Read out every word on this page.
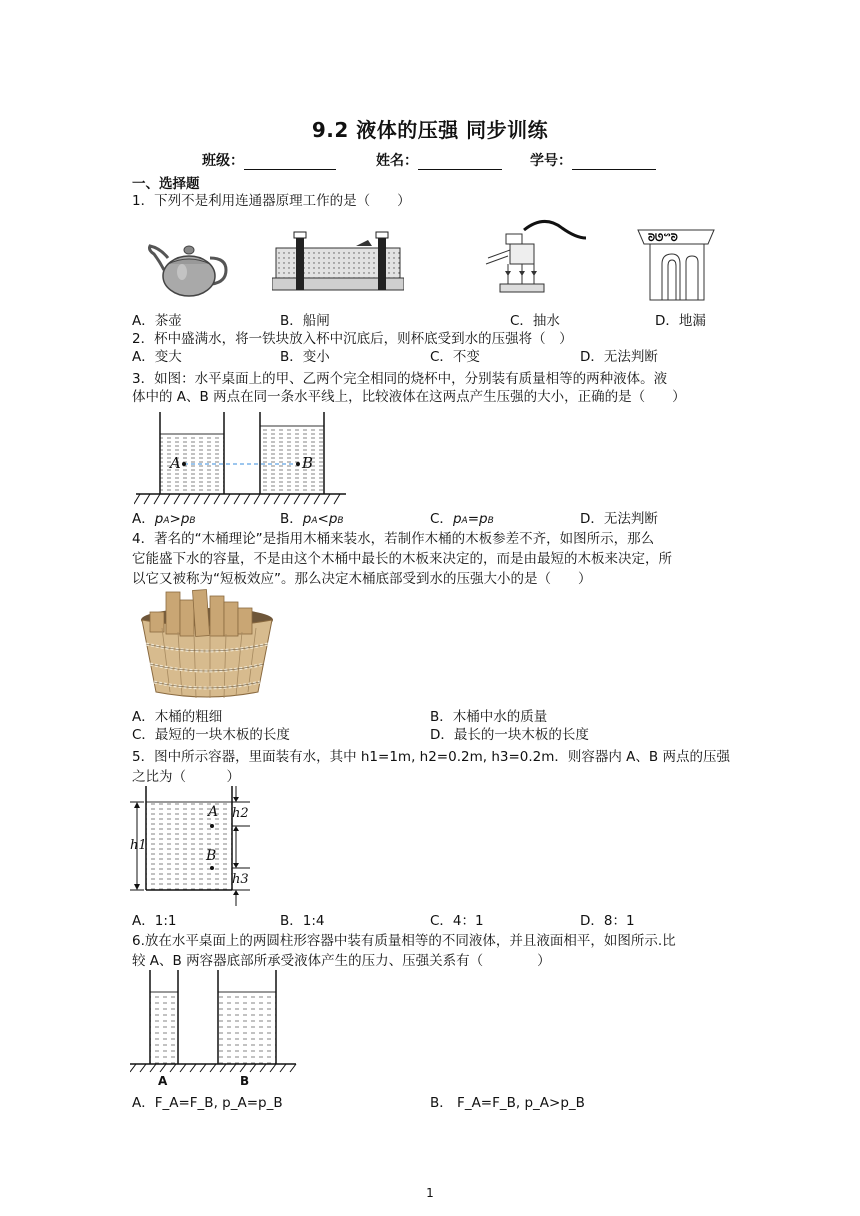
9.2 液体的压强 同步训练
班级：	姓名：	学号：
一、选择题
1．下列不是利用连通器原理工作的是（　　）
ᘐᘎᔥᘐ
A．茶壶	B．船闸	C．抽水	D．地漏
2．杯中盛满水，将一铁块放入杯中沉底后，则杯底受到水的压强将（　）
A．变大	B．变小	C．不变	D．无法判断
3．如图：水平桌面上的甲、乙两个完全相同的烧杯中，分别装有质量相等的两种液体。液
体中的 A、B 两点在同一条水平线上，比较液体在这两点产生压强的大小，正确的是（　　）
A	B
A．pA>pB	B．pA<pB	C．pA=pB	D．无法判断
4．著名的“木桶理论”是指用木桶来装水，若制作木桶的木板参差不齐，如图所示，那么
它能盛下水的容量，不是由这个木桶中最长的木板来决定的，而是由最短的木板来决定，所
以它又被称为“短板效应”。那么决定木桶底部受到水的压强大小的是（　　）
A．木桶的粗细	B．木桶中水的质量
C．最短的一块木板的长度	D．最长的一块木板的长度
5．图中所示容器，里面装有水，其中 h1=1m, h2=0.2m, h3=0.2m．则容器内 A、B 两点的压强
之比为（　　　）
A
B
h1
h2
h3
A．1:1	B．1:4	C．4：1	D．8：1
6.放在水平桌面上的两圆柱形容器中装有质量相等的不同液体，并且液面相平，如图所示.比
较 A、B 两容器底部所承受液体产生的压力、压强关系有（　　　　）
A	B
A．F_A=F_B, p_A=p_B	B． F_A=F_B, p_A>p_B
1
